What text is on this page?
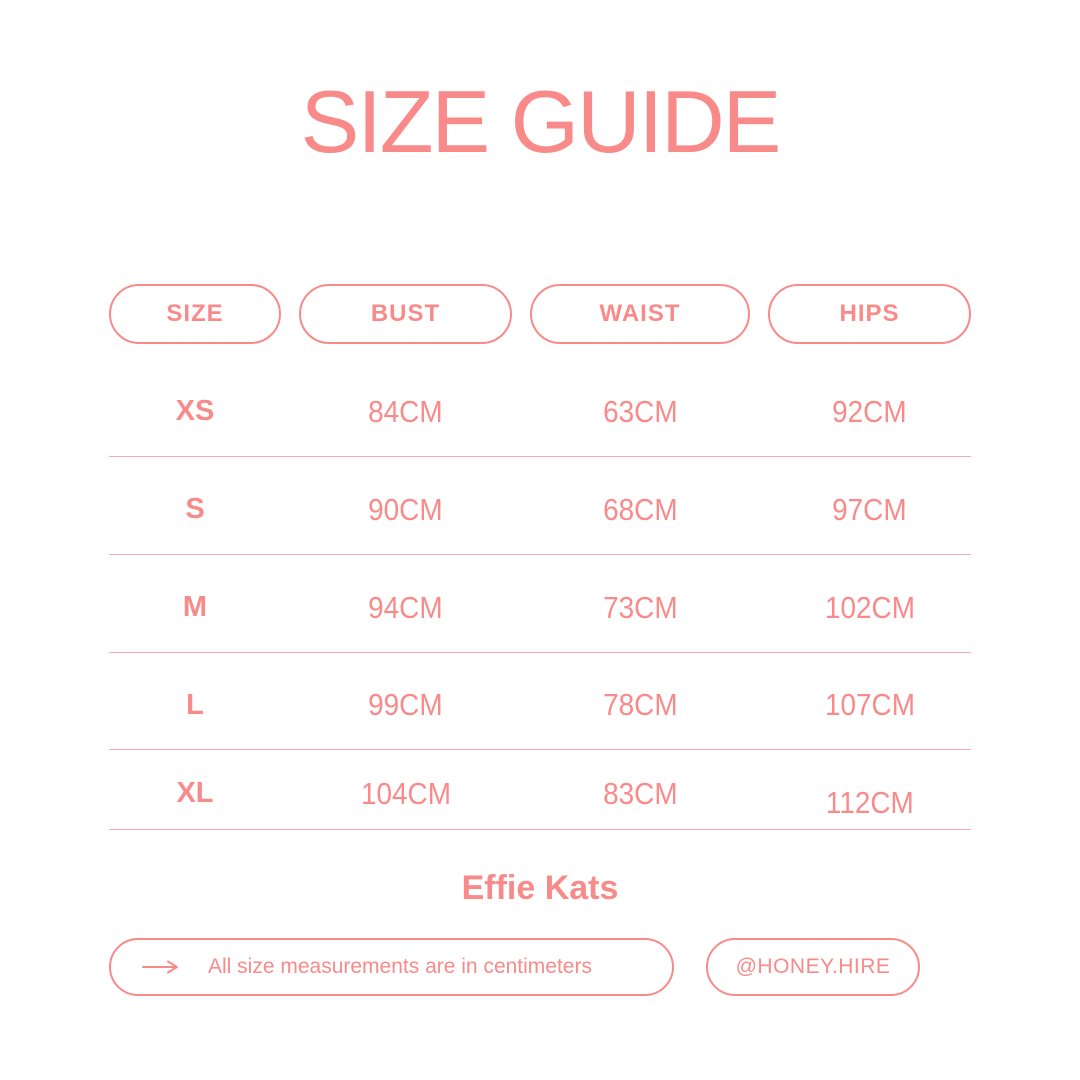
SIZE GUIDE
SIZE	BUST	WAIST	HIPS
XS	84CM	63CM	92CM
S	90CM	68CM	97CM
M	94CM	73CM	102CM
L	99CM	78CM	107CM
XL	104CM	83CM	112CM
Effie Kats
All size measurements are in centimeters	@HONEY.HIRE
